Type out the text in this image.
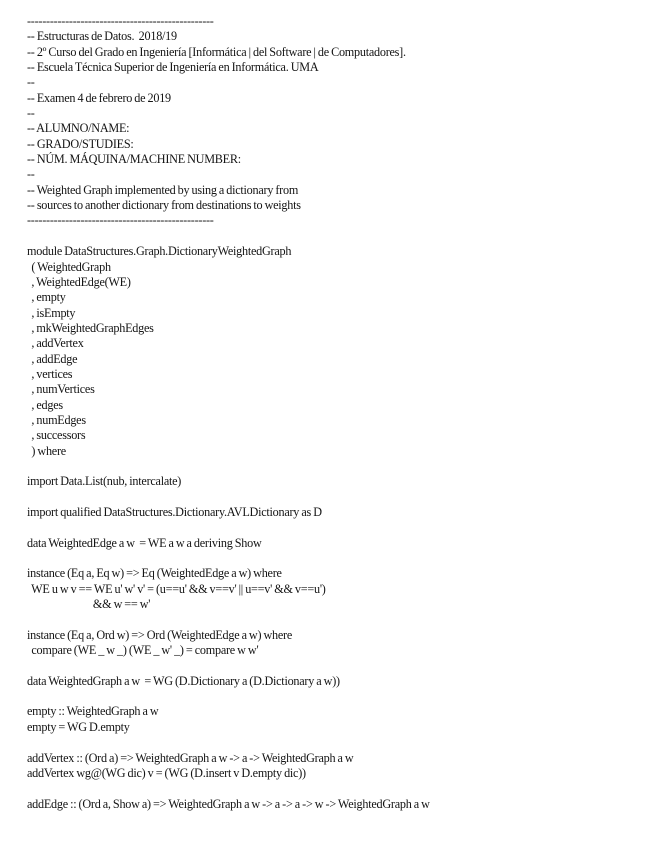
-------------------------------------------------
-- Estructuras de Datos.  2018/19
-- 2º Curso del Grado en Ingeniería [Informática | del Software | de Computadores].
-- Escuela Técnica Superior de Ingeniería en Informática. UMA
--
-- Examen 4 de febrero de 2019
--
-- ALUMNO/NAME:
-- GRADO/STUDIES:
-- NÚM. MÁQUINA/MACHINE NUMBER:
--
-- Weighted Graph implemented by using a dictionary from
-- sources to another dictionary from destinations to weights
-------------------------------------------------
module DataStructures.Graph.DictionaryWeightedGraph
( WeightedGraph
, WeightedEdge(WE)
, empty
, isEmpty
, mkWeightedGraphEdges
, addVertex
, addEdge
, vertices
, numVertices
, edges
, numEdges
, successors
) where
import Data.List(nub, intercalate)
import qualified DataStructures.Dictionary.AVLDictionary as D
data WeightedEdge a w  = WE a w a deriving Show
instance (Eq a, Eq w) => Eq (WeightedEdge a w) where
WE u w v == WE u' w' v' = (u==u' && v==v' || u==v' && v==u')
&& w == w'
instance (Eq a, Ord w) => Ord (WeightedEdge a w) where
compare (WE _ w _) (WE _ w' _) = compare w w'
data WeightedGraph a w  = WG (D.Dictionary a (D.Dictionary a w))
empty :: WeightedGraph a w
empty = WG D.empty
addVertex :: (Ord a) => WeightedGraph a w -> a -> WeightedGraph a w
addVertex wg@(WG dic) v = (WG (D.insert v D.empty dic))
addEdge :: (Ord a, Show a) => WeightedGraph a w -> a -> a -> w -> WeightedGraph a w
